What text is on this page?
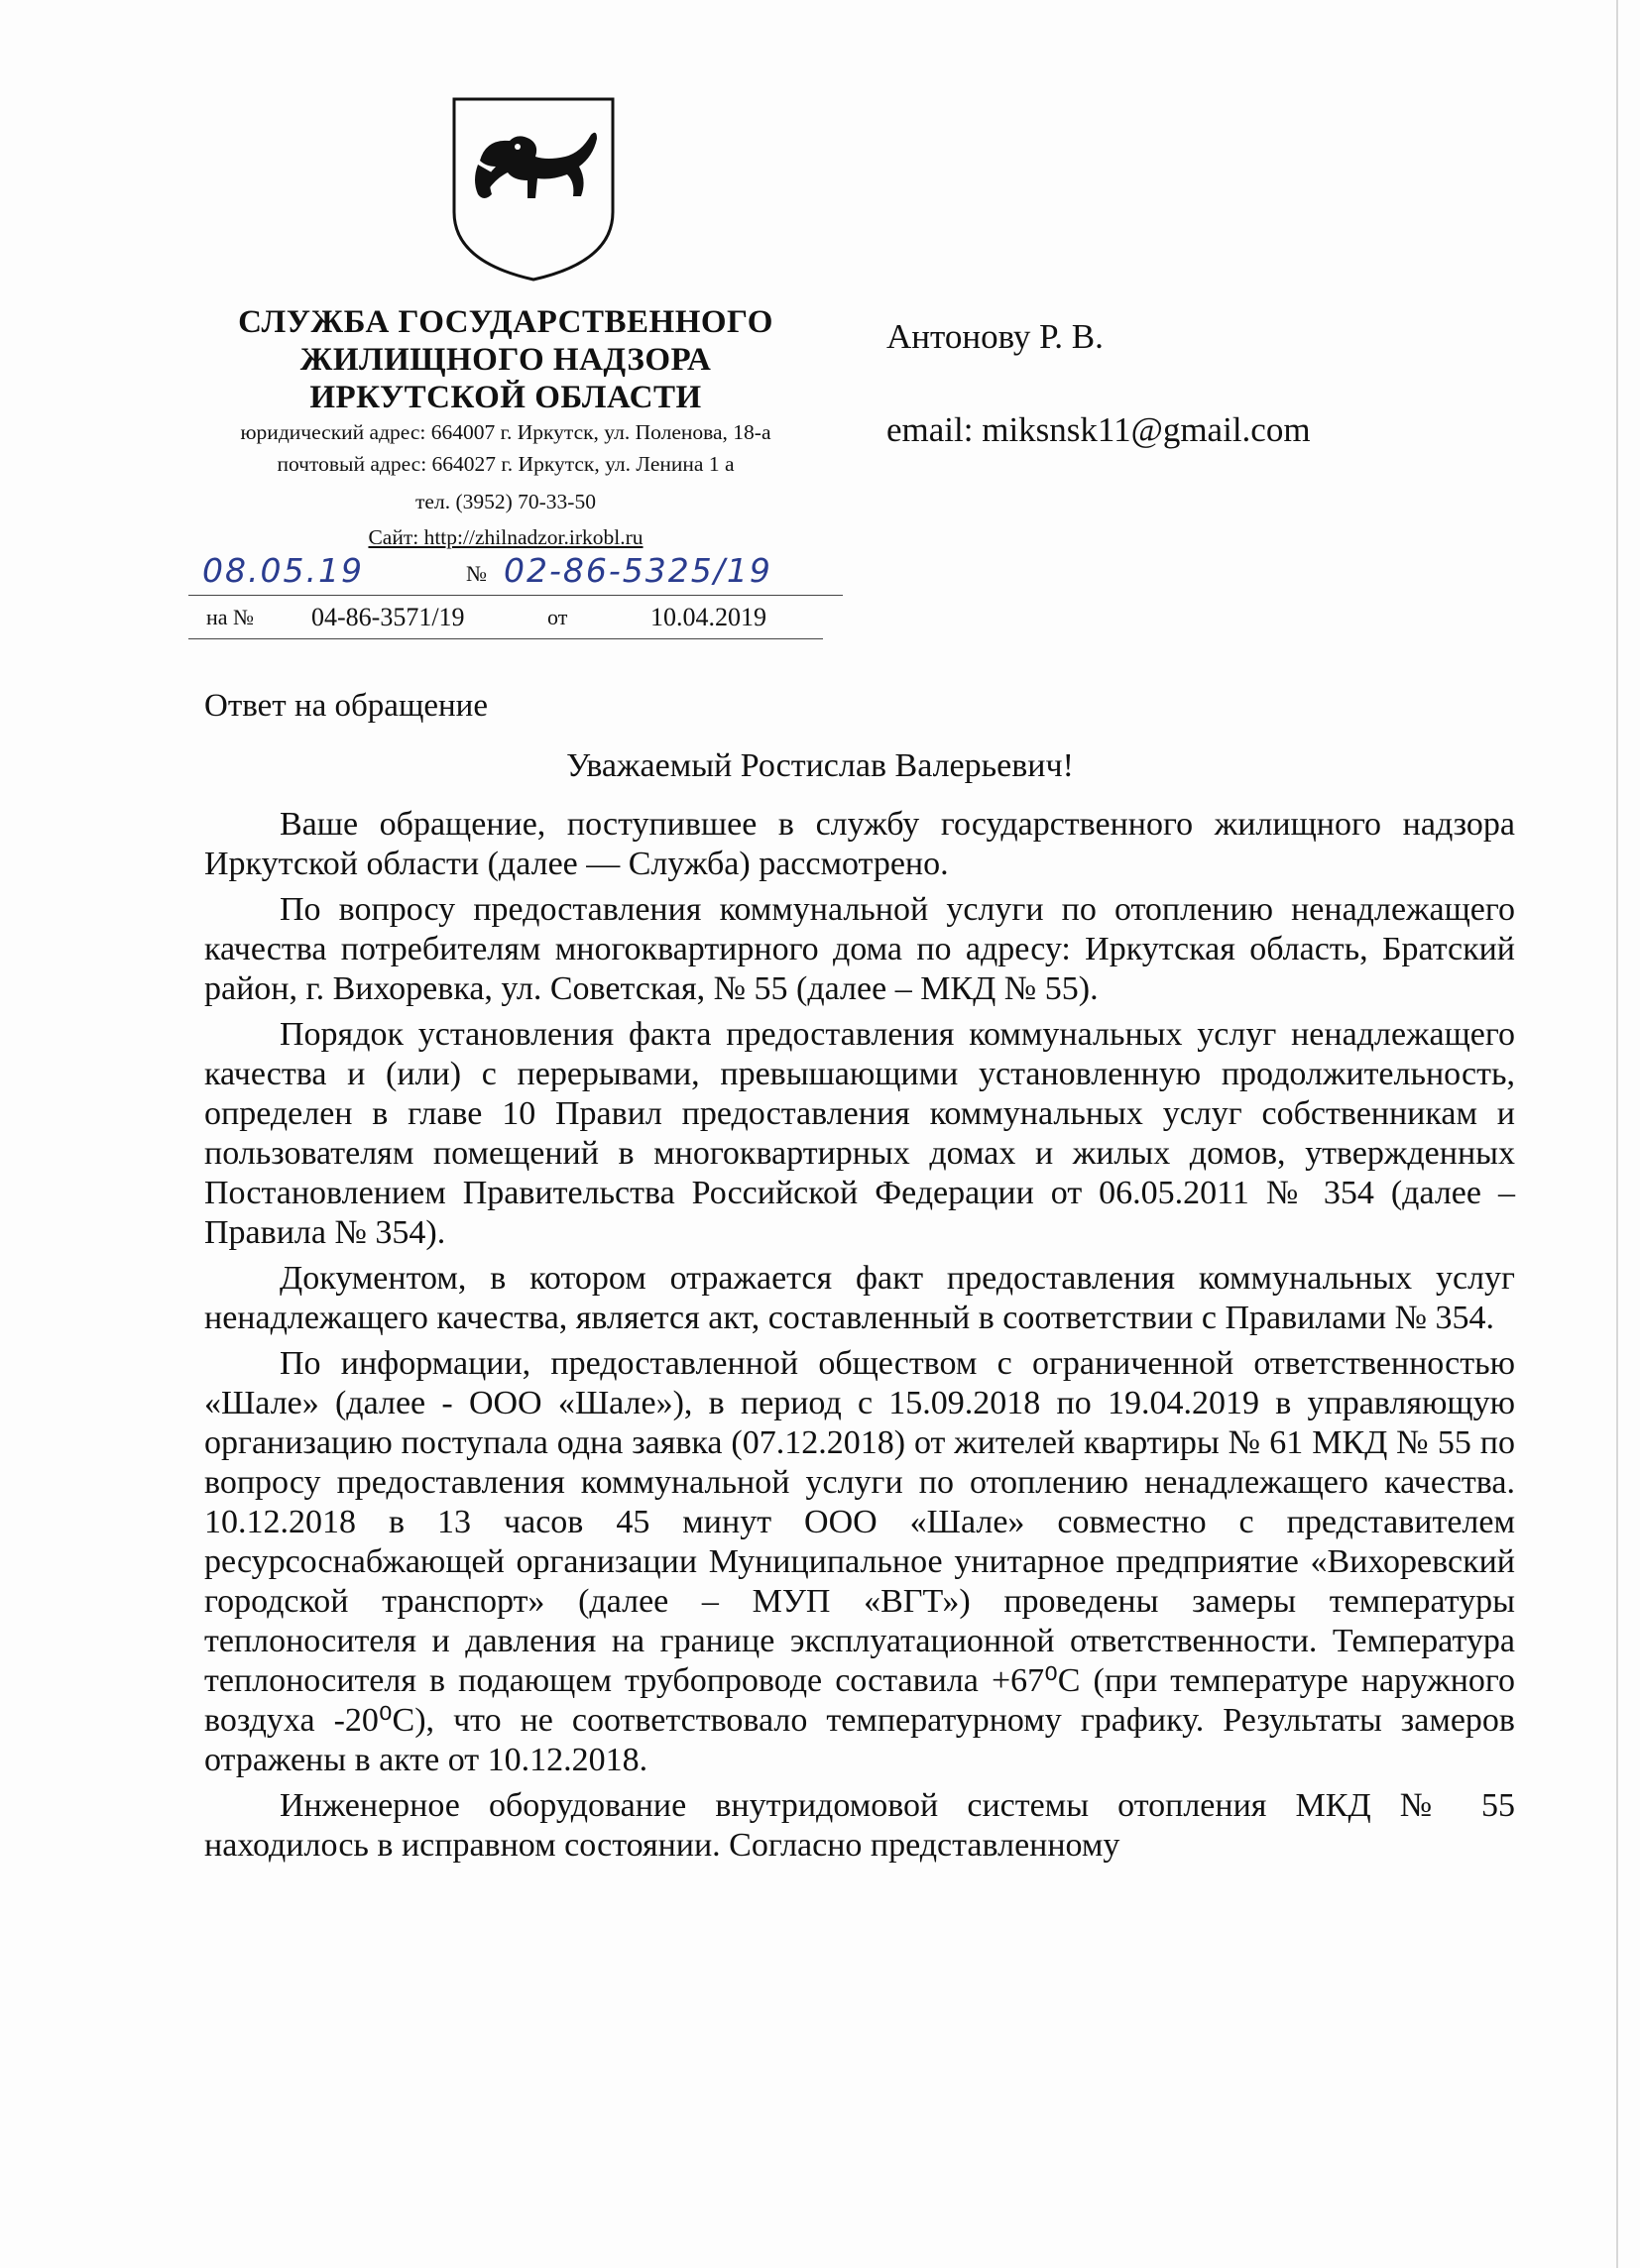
СЛУЖБА ГОСУДАРСТВЕННОГО
ЖИЛИЩНОГО НАДЗОРА
ИРКУТСКОЙ ОБЛАСТИ
юридический адрес: 664007 г. Иркутск, ул. Поленова, 18-а
почтовый адрес: 664027 г. Иркутск, ул. Ленина 1 а
тел. (3952) 70-33-50
Сайт: http://zhilnadzor.irkobl.ru
08.05.19	№ 02-86-5325/19
на № 04-86-3571/19	от	10.04.2019
Антонову Р. В.
email: miksnsk11@gmail.com
Ответ на обращение
Уважаемый Ростислав Валерьевич!

Ваше обращение, поступившее в службу государственного жилищного надзора Иркутской области (далее — Служба) рассмотрено.

По вопросу предоставления коммунальной услуги по отоплению ненадлежащего качества потребителям многоквартирного дома по адресу: Иркутская область, Братский район, г. Вихоревка, ул. Советская, № 55 (далее – МКД № 55).

Порядок установления факта предоставления коммунальных услуг ненадлежащего качества и (или) с перерывами, превышающими установленную продолжительность, определен в главе 10 Правил предоставления коммунальных услуг собственникам и пользователям помещений в многоквартирных домах и жилых домов, утвержденных Постановлением Правительства Российской Федерации от 06.05.2011 № 354 (далее – Правила № 354).

Документом, в котором отражается факт предоставления коммунальных услуг ненадлежащего качества, является акт, составленный в соответствии с Правилами № 354.

По информации, предоставленной обществом с ограниченной ответственностью «Шале» (далее - ООО «Шале»), в период с 15.09.2018 по 19.04.2019 в управляющую организацию поступала одна заявка (07.12.2018) от жителей квартиры № 61 МКД № 55 по вопросу предоставления коммунальной услуги по отоплению ненадлежащего качества. 10.12.2018 в 13 часов 45 минут ООО «Шале» совместно с представителем ресурсоснабжающей организации Муниципальное унитарное предприятие «Вихоревский городской транспорт» (далее – МУП «ВГТ») проведены замеры температуры теплоносителя и давления на границе эксплуатационной ответственности. Температура теплоносителя в подающем трубопроводе составила +67⁰С (при температуре наружного воздуха -20⁰С), что не соответствовало температурному графику. Результаты замеров отражены в акте от 10.12.2018.

Инженерное оборудование внутридомовой системы отопления МКД № 55 находилось в исправном состоянии. Согласно представленному
